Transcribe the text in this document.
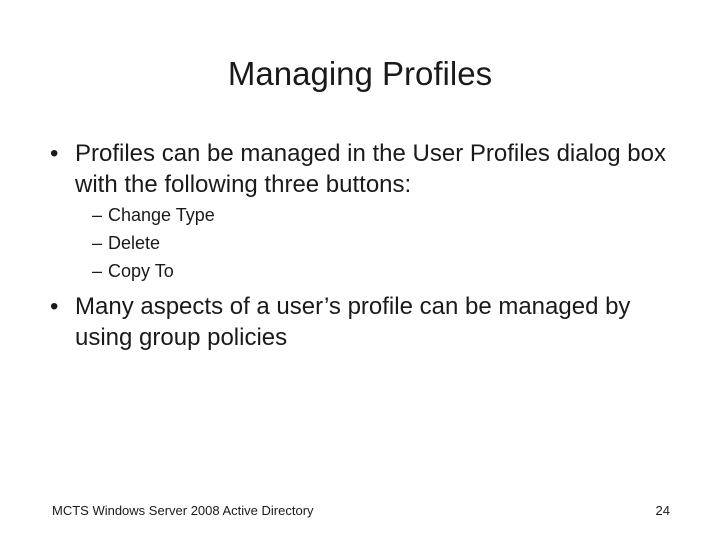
Managing Profiles
• Profiles can be managed in the User Profiles dialog box with the following three buttons:
– Change Type
– Delete
– Copy To
• Many aspects of a user’s profile can be managed by using group policies
MCTS Windows Server 2008 Active Directory	24
